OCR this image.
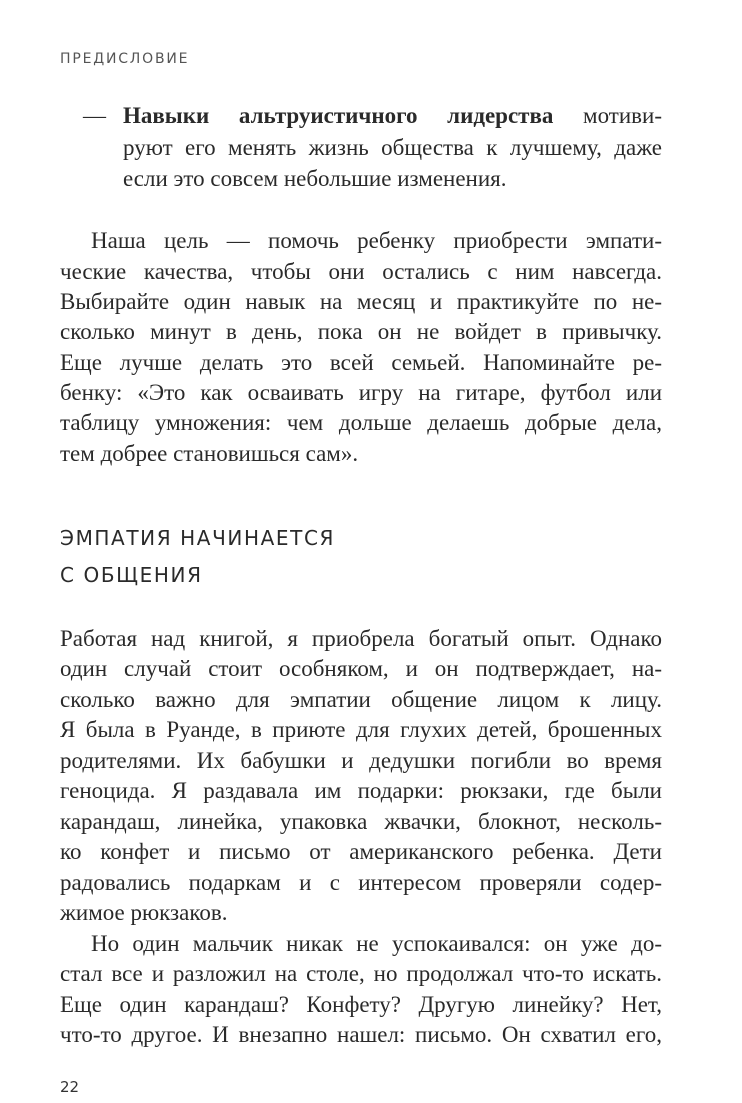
ПРЕДИСЛОВИЕ
— Навыки альтруистичного лидерства мотиви-
руют его менять жизнь общества к лучшему, даже
если это совсем небольшие изменения.
Наша цель — помочь ребенку приобрести эмпати-
ческие качества, чтобы они остались с ним навсегда.
Выбирайте один навык на месяц и практикуйте по не-
сколько минут в день, пока он не войдет в привычку.
Еще лучше делать это всей семьей. Напоминайте ре-
бенку: «Это как осваивать игру на гитаре, футбол или
таблицу умножения: чем дольше делаешь добрые дела,
тем добрее становишься сам».
ЭМПАТИЯ НАЧИНАЕТСЯ
С ОБЩЕНИЯ
Работая над книгой, я приобрела богатый опыт. Однако
один случай стоит особняком, и он подтверждает, на-
сколько важно для эмпатии общение лицом к лицу.
Я была в Руанде, в приюте для глухих детей, брошенных
родителями. Их бабушки и дедушки погибли во время
геноцида. Я раздавала им подарки: рюкзаки, где были
карандаш, линейка, упаковка жвачки, блокнот, несколь-
ко конфет и письмо от американского ребенка. Дети
радовались подаркам и с интересом проверяли содер-
жимое рюкзаков.
Но один мальчик никак не успокаивался: он уже до-
стал все и разложил на столе, но продолжал что-то искать.
Еще один карандаш? Конфету? Другую линейку? Нет,
что-то другое. И внезапно нашел: письмо. Он схватил его,
22
